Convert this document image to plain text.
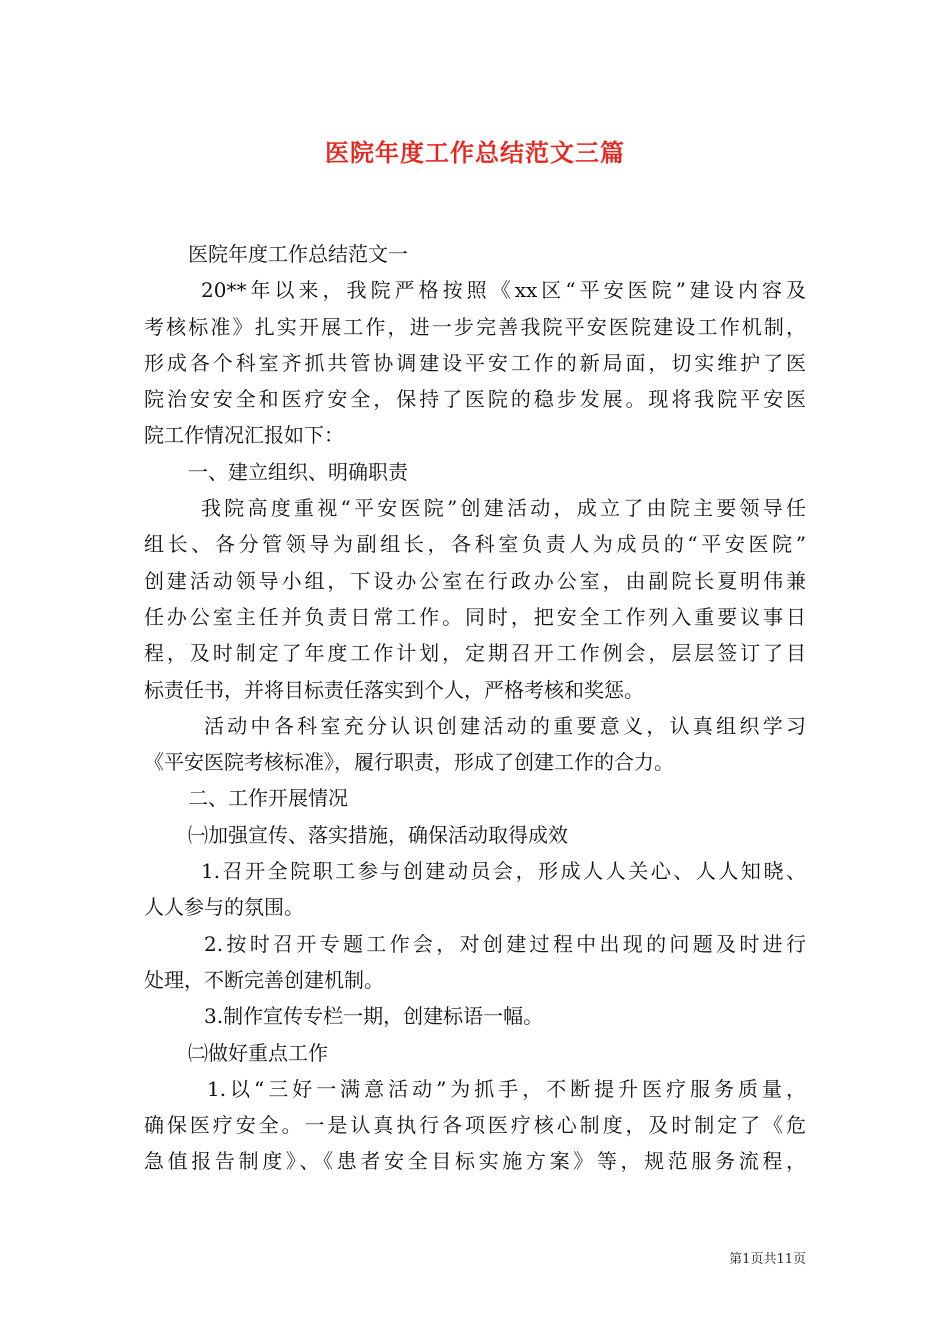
医院年度工作总结范文三篇
医院年度工作总结范文一
20**年以来，我院严格按照《xx区“平安医院”建设内容及
考核标准》扎实开展工作，进一步完善我院平安医院建设工作机制，
形成各个科室齐抓共管协调建设平安工作的新局面，切实维护了医
院治安安全和医疗安全，保持了医院的稳步发展。现将我院平安医
院工作情况汇报如下：
一、建立组织、明确职责
我院高度重视“平安医院”创建活动，成立了由院主要领导任
组长、各分管领导为副组长，各科室负责人为成员的“平安医院”
创建活动领导小组，下设办公室在行政办公室，由副院长夏明伟兼
任办公室主任并负责日常工作。同时，把安全工作列入重要议事日
程，及时制定了年度工作计划，定期召开工作例会，层层签订了目
标责任书，并将目标责任落实到个人，严格考核和奖惩。
活动中各科室充分认识创建活动的重要意义，认真组织学习
《平安医院考核标准》，履行职责，形成了创建工作的合力。
二、工作开展情况
㈠加强宣传、落实措施，确保活动取得成效
1.召开全院职工参与创建动员会，形成人人关心、人人知晓、
人人参与的氛围。
2.按时召开专题工作会，对创建过程中出现的问题及时进行
处理，不断完善创建机制。
3.制作宣传专栏一期，创建标语一幅。
㈡做好重点工作
1.以“三好一满意活动”为抓手，不断提升医疗服务质量，
确保医疗安全。一是认真执行各项医疗核心制度，及时制定了《危
急值报告制度》、《患者安全目标实施方案》等，规范服务流程，
第1页共11页
